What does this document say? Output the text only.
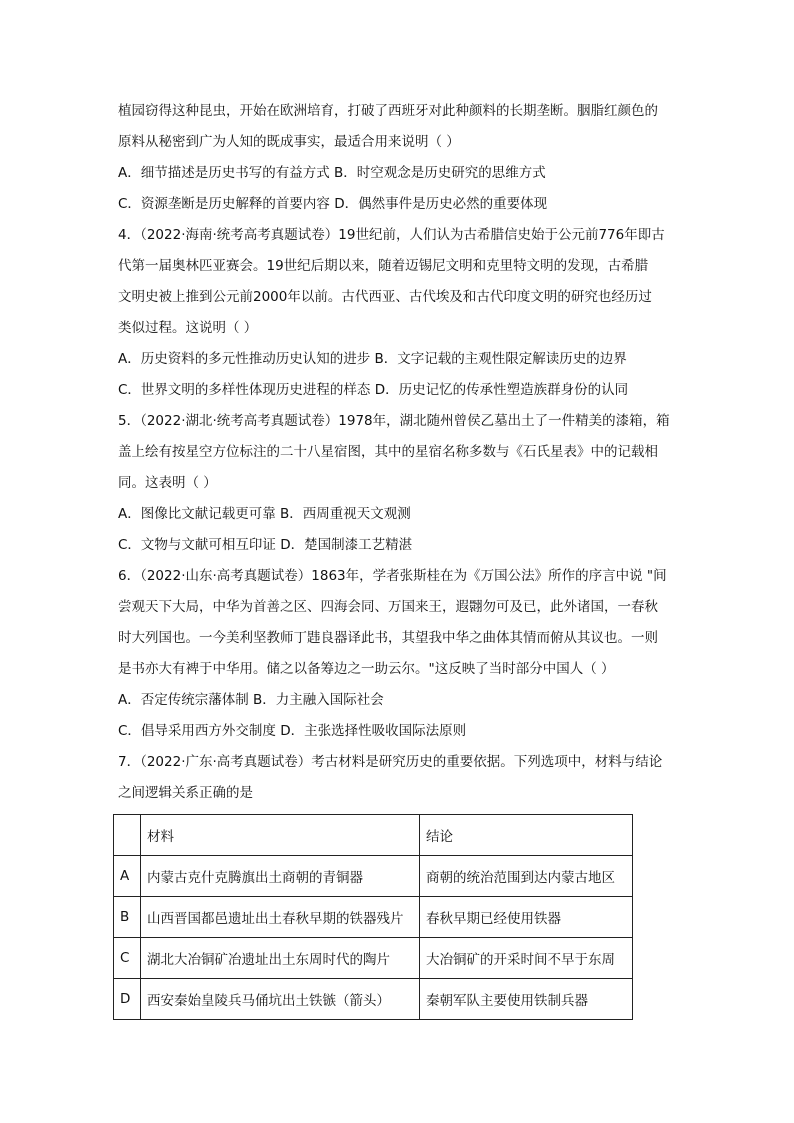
植园窃得这种昆虫，开始在欧洲培育，打破了西班牙对此种颜料的长期垄断。胭脂红颜色的

原料从秘密到广为人知的既成事实，最适合用来说明（ ）

A．细节描述是历史书写的有益方式 B．时空观念是历史研究的思维方式

C．资源垄断是历史解释的首要内容 D．偶然事件是历史必然的重要体现

4．（2022·海南·统考高考真题试卷）19世纪前，人们认为古希腊信史始于公元前776年即古

代第一届奥林匹亚赛会。19世纪后期以来，随着迈锡尼文明和克里特文明的发现，古希腊

文明史被上推到公元前2000年以前。古代西亚、古代埃及和古代印度文明的研究也经历过

类似过程。这说明（ ）

A．历史资料的多元性推动历史认知的进步 B．文字记载的主观性限定解读历史的边界

C．世界文明的多样性体现历史进程的样态 D．历史记忆的传承性塑造族群身份的认同

5．（2022·湖北·统考高考真题试卷）1978年，湖北随州曾侯乙墓出土了一件精美的漆箱，箱

盖上绘有按星空方位标注的二十八星宿图，其中的星宿名称多数与《石氏星表》中的记载相

同。这表明（ ）

A．图像比文献记载更可靠 B．西周重视天文观测

C．文物与文献可相互印证 D．楚国制漆工艺精湛

6．（2022·山东·高考真题试卷）1863年，学者张斯桂在为《万国公法》所作的序言中说 "间

尝观天下大局，中华为首善之区、四海会同、万国来王，遐翾勿可及已，此外诸国，一春秋

时大列国也。一今美利坚教师丁韪良器译此书，其望我中华之曲体其情而俯从其议也。一则

是书亦大有裨于中华用。储之以备筹边之一助云尔。"这反映了当时部分中国人（ ）

A．否定传统宗藩体制 B．力主融入国际社会

C．倡导采用西方外交制度 D．主张选择性吸收国际法原则

7．（2022·广东·高考真题试卷）考古材料是研究历史的重要依据。下列选项中，材料与结论

之间逻辑关系正确的是

	材料	结论
A	内蒙古克什克腾旗出土商朝的青铜器	商朝的统治范围到达内蒙古地区
B	山西晋国都邑遗址出土春秋早期的铁器残片	春秋早期已经使用铁器
C	湖北大冶铜矿冶遗址出土东周时代的陶片	大冶铜矿的开采时间不早于东周
D	西安秦始皇陵兵马俑坑出土铁镞（箭头）	秦朝军队主要使用铁制兵器
